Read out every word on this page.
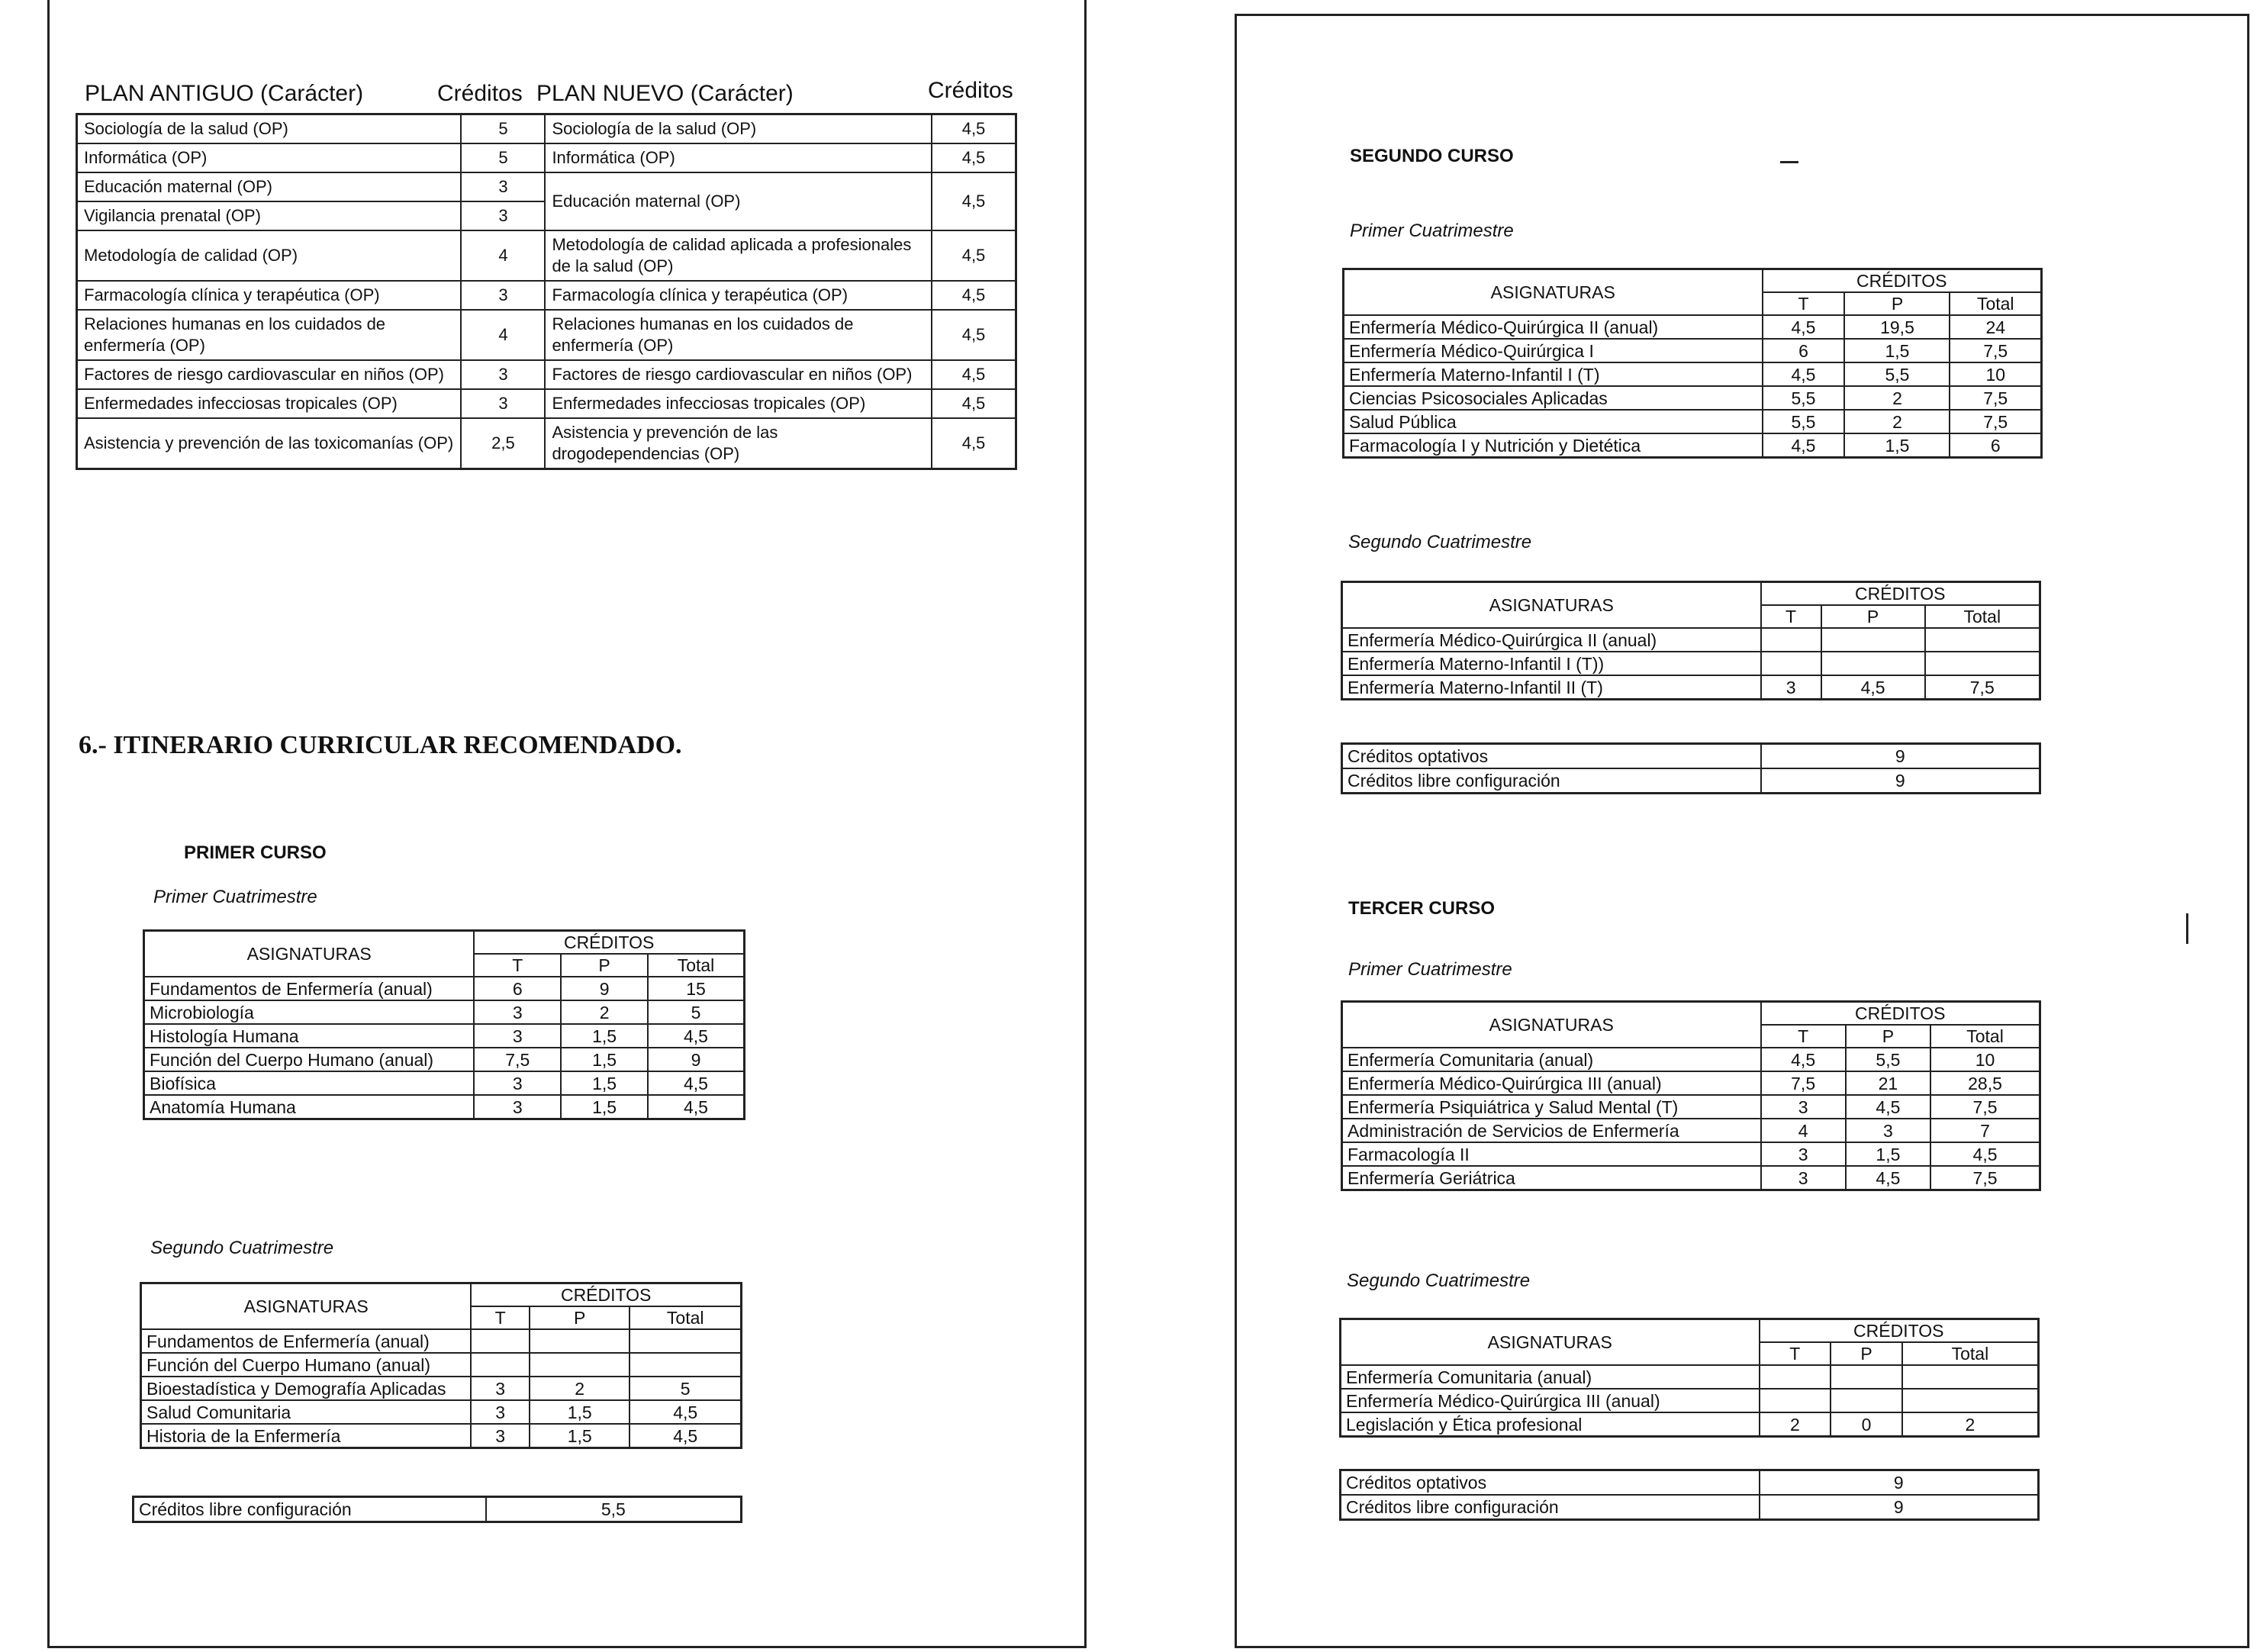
PLAN ANTIGUO (Carácter)	Créditos PLAN NUEVO (Carácter)	Créditos
Sociología de la salud (OP)	5	Sociología de la salud (OP)	4,5
Informática (OP)	5	Informática (OP)	4,5
Educación maternal (OP)	3	Educación maternal (OP)	4,5
Vigilancia prenatal (OP)	3		
Metodología de calidad (OP)	4	Metodología de calidad aplicada a profesionales de la salud (OP)	4,5
Farmacología clínica y terapéutica (OP)	3	Farmacología clínica y terapéutica (OP)	4,5
Relaciones humanas en los cuidados de enfermería (OP)	4	Relaciones humanas en los cuidados de enfermería (OP)	4,5
Factores de riesgo cardiovascular en niños (OP)	3	Factores de riesgo cardiovascular en niños (OP)	4,5
Enfermedades infecciosas tropicales (OP)	3	Enfermedades infecciosas tropicales (OP)	4,5
Asistencia y prevención de las toxicomanías (OP)	2,5	Asistencia y prevención de las drogodependencias (OP)	4,5
6.- ITINERARIO CURRICULAR RECOMENDADO.
PRIMER CURSO
Primer Cuatrimestre
ASIGNATURAS	CRÉDITOS		
	T	P	Total
Fundamentos de Enfermería (anual)	6	9	15
Microbiología	3	2	5
Histología Humana	3	1,5	4,5
Función del Cuerpo Humano (anual)	7,5	1,5	9
Biofísica	3	1,5	4,5
Anatomía Humana	3	1,5	4,5
Segundo Cuatrimestre
ASIGNATURAS	CRÉDITOS		
	T	P	Total
Fundamentos de Enfermería (anual)			
Función del Cuerpo Humano (anual)			
Bioestadística y Demografía Aplicadas	3	2	5
Salud Comunitaria	3	1,5	4,5
Historia de la Enfermería	3	1,5	4,5
Créditos libre configuración	5,5
SEGUNDO CURSO
Primer Cuatrimestre
ASIGNATURAS	CRÉDITOS		
	T	P	Total
Enfermería Médico-Quirúrgica II (anual)	4,5	19,5	24
Enfermería Médico-Quirúrgica I	6	1,5	7,5
Enfermería Materno-Infantil I (T)	4,5	5,5	10
Ciencias Psicosociales Aplicadas	5,5	2	7,5
Salud Pública	5,5	2	7,5
Farmacología I y Nutrición y Dietética	4,5	1,5	6
Segundo Cuatrimestre
ASIGNATURAS	CRÉDITOS		
	T	P	Total
Enfermería Médico-Quirúrgica II (anual)			
Enfermería Materno-Infantil I (T))			
Enfermería Materno-Infantil II (T)	3	4,5	7,5
Créditos optativos	9
Créditos libre configuración	9
TERCER CURSO
Primer Cuatrimestre
ASIGNATURAS	CRÉDITOS		
	T	P	Total
Enfermería Comunitaria (anual)	4,5	5,5	10
Enfermería Médico-Quirúrgica III (anual)	7,5	21	28,5
Enfermería Psiquiátrica y Salud Mental (T)	3	4,5	7,5
Administración de Servicios de Enfermería	4	3	7
Farmacología II	3	1,5	4,5
Enfermería Geriátrica	3	4,5	7,5
Segundo Cuatrimestre
ASIGNATURAS	CRÉDITOS		
	T	P	Total
Enfermería Comunitaria (anual)			
Enfermería Médico-Quirúrgica III (anual)			
Legislación y Ética profesional	2	0	2
Créditos optativos	9
Créditos libre configuración	9
